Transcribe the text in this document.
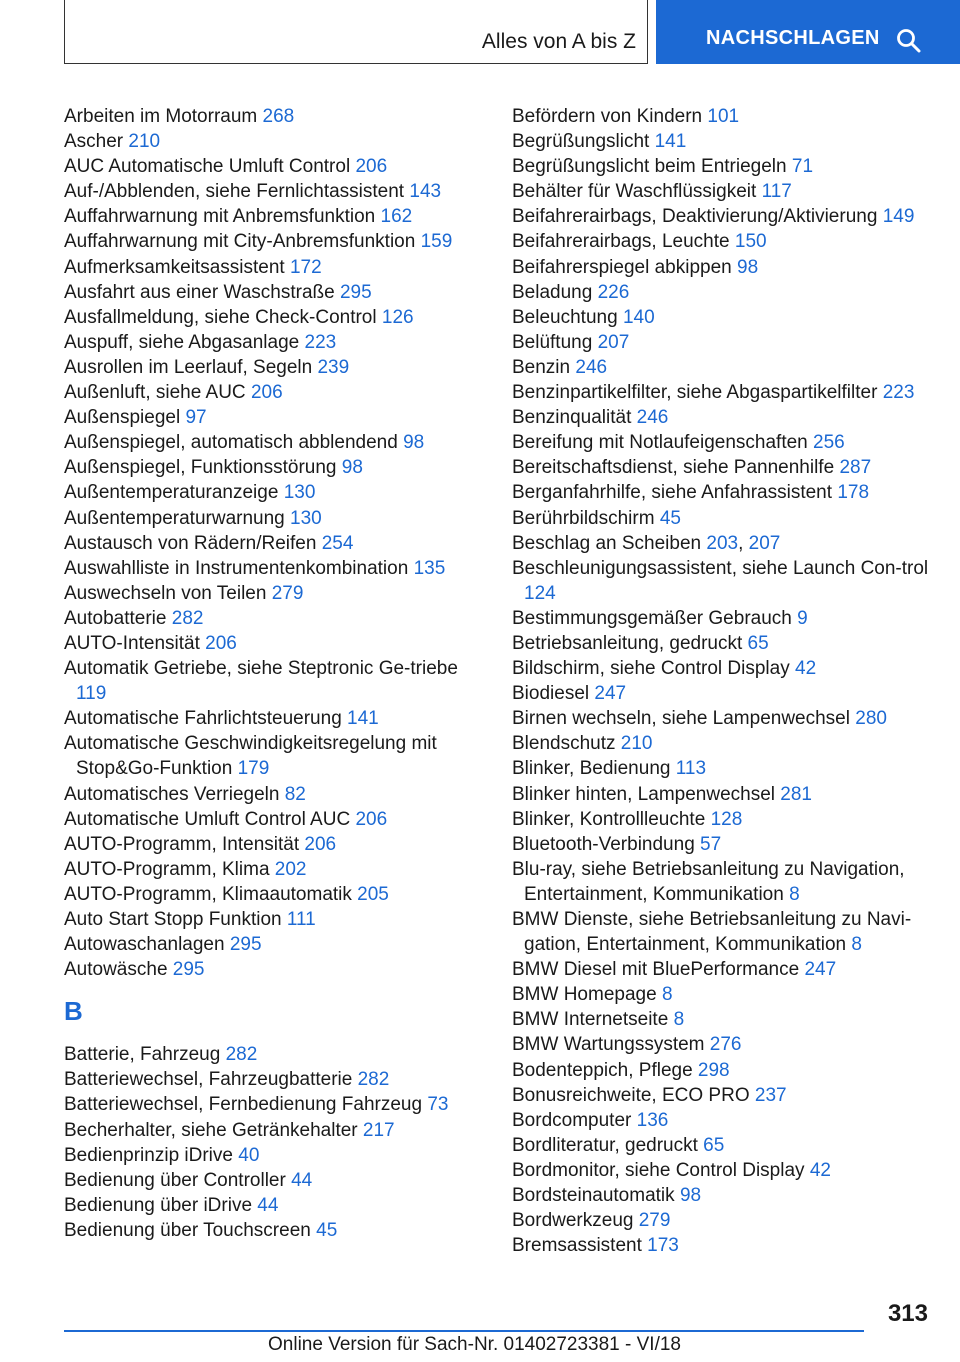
Alles von A bis Z	NACHSCHLAGEN
Arbeiten im Motorraum 268
Ascher 210
AUC Automatische Umluft Control 206
Auf-/Abblenden, siehe Fernlichtassistent 143
Auffahrwarnung mit Anbremsfunktion 162
Auffahrwarnung mit City-Anbremsfunktion 159
Aufmerksamkeitsassistent 172
Ausfahrt aus einer Waschstraße 295
Ausfallmeldung, siehe Check-Control 126
Auspuff, siehe Abgasanlage 223
Ausrollen im Leerlauf, Segeln 239
Außenluft, siehe AUC 206
Außenspiegel 97
Außenspiegel, automatisch abblendend 98
Außenspiegel, Funktionsstörung 98
Außentemperaturanzeige 130
Außentemperaturwarnung 130
Austausch von Rädern/Reifen 254
Auswahlliste in Instrumentenkombination 135
Auswechseln von Teilen 279
Autobatterie 282
AUTO-Intensität 206
Automatik Getriebe, siehe Steptronic Ge-triebe 119
Automatische Fahrlichtsteuerung 141
Automatische Geschwindigkeitsregelung mit Stop&Go-Funktion 179
Automatisches Verriegeln 82
Automatische Umluft Control AUC 206
AUTO-Programm, Intensität 206
AUTO-Programm, Klima 202
AUTO-Programm, Klimaautomatik 205
Auto Start Stopp Funktion 111
Autowaschanlagen 295
Autowäsche 295
B
Batterie, Fahrzeug 282
Batteriewechsel, Fahrzeugbatterie 282
Batteriewechsel, Fernbedienung Fahrzeug 73
Becherhalter, siehe Getränkehalter 217
Bedienprinzip iDrive 40
Bedienung über Controller 44
Bedienung über iDrive 44
Bedienung über Touchscreen 45
Befördern von Kindern 101
Begrüßungslicht 141
Begrüßungslicht beim Entriegeln 71
Behälter für Waschflüssigkeit 117
Beifahrerairbags, Deaktivierung/Aktivierung 149
Beifahrerairbags, Leuchte 150
Beifahrerspiegel abkippen 98
Beladung 226
Beleuchtung 140
Belüftung 207
Benzin 246
Benzinpartikelfilter, siehe Abgaspartikelfilter 223
Benzinqualität 246
Bereifung mit Notlaufeigenschaften 256
Bereitschaftsdienst, siehe Pannenhilfe 287
Berganfahrhilfe, siehe Anfahrassistent 178
Berührbildschirm 45
Beschlag an Scheiben 203, 207
Beschleunigungsassistent, siehe Launch Con-trol 124
Bestimmungsgemäßer Gebrauch 9
Betriebsanleitung, gedruckt 65
Bildschirm, siehe Control Display 42
Biodiesel 247
Birnen wechseln, siehe Lampenwechsel 280
Blendschutz 210
Blinker, Bedienung 113
Blinker hinten, Lampenwechsel 281
Blinker, Kontrollleuchte 128
Bluetooth-Verbindung 57
Blu-ray, siehe Betriebsanleitung zu Navigation, Entertainment, Kommunikation 8
BMW Dienste, siehe Betriebsanleitung zu Navi-gation, Entertainment, Kommunikation 8
BMW Diesel mit BluePerformance 247
BMW Homepage 8
BMW Internetseite 8
BMW Wartungssystem 276
Bodenteppich, Pflege 298
Bonusreichweite, ECO PRO 237
Bordcomputer 136
Bordliteratur, gedruckt 65
Bordmonitor, siehe Control Display 42
Bordsteinautomatik 98
Bordwerkzeug 279
Bremsassistent 173
313
Online Version für Sach-Nr. 01402723381 - VI/18
